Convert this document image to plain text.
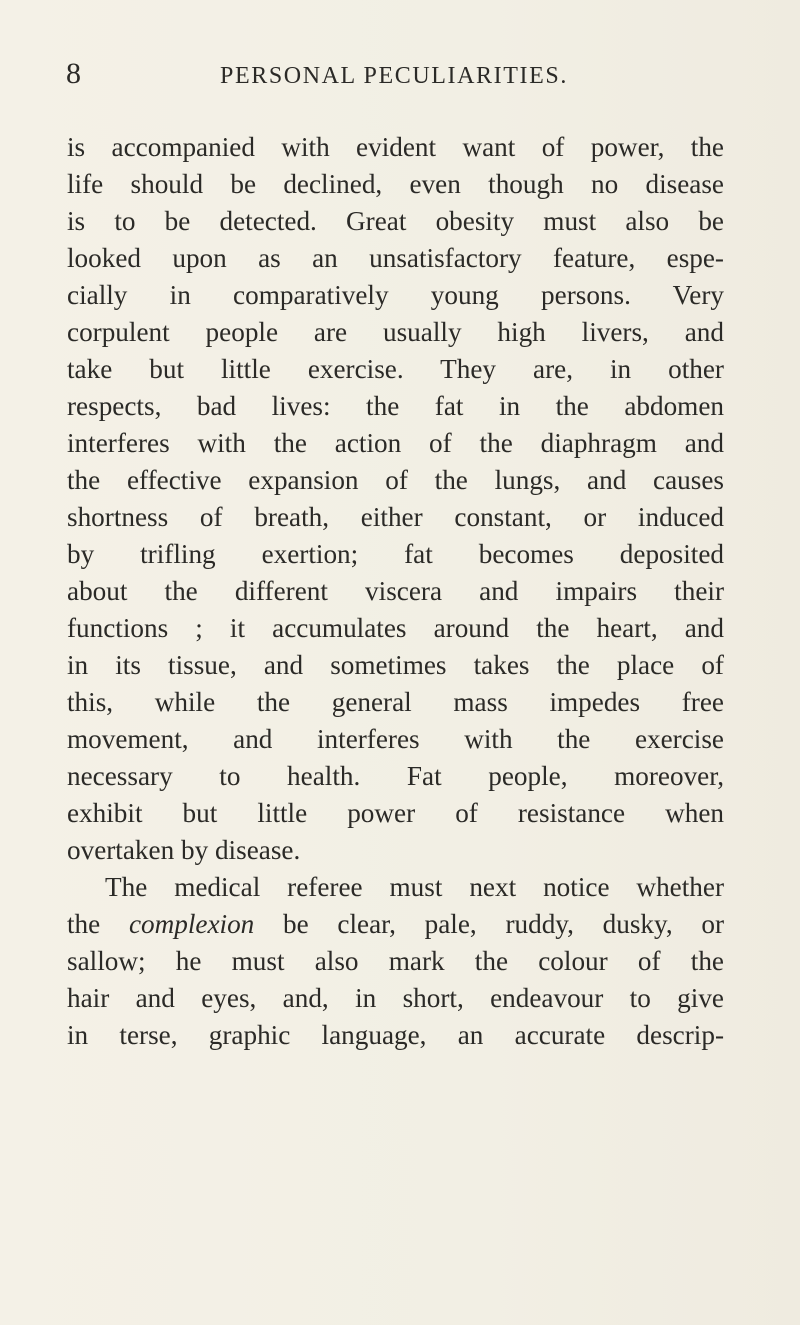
8	PERSONAL PECULIARITIES.
is accompanied with evident want of power, the
life should be declined, even though no disease
is to be detected. Great obesity must also be
looked upon as an unsatisfactory feature, espe-
cially in comparatively young persons. Very
corpulent people are usually high livers, and
take but little exercise. They are, in other
respects, bad lives: the fat in the abdomen
interferes with the action of the diaphragm and
the effective expansion of the lungs, and causes
shortness of breath, either constant, or induced
by trifling exertion; fat becomes deposited
about the different viscera and impairs their
functions ; it accumulates around the heart, and
in its tissue, and sometimes takes the place of
this, while the general mass impedes free
movement, and interferes with the exercise
necessary to health. Fat people, moreover,
exhibit but little power of resistance when
overtaken by disease.
The medical referee must next notice whether
the complexion be clear, pale, ruddy, dusky, or
sallow; he must also mark the colour of the
hair and eyes, and, in short, endeavour to give
in terse, graphic language, an accurate descrip-
